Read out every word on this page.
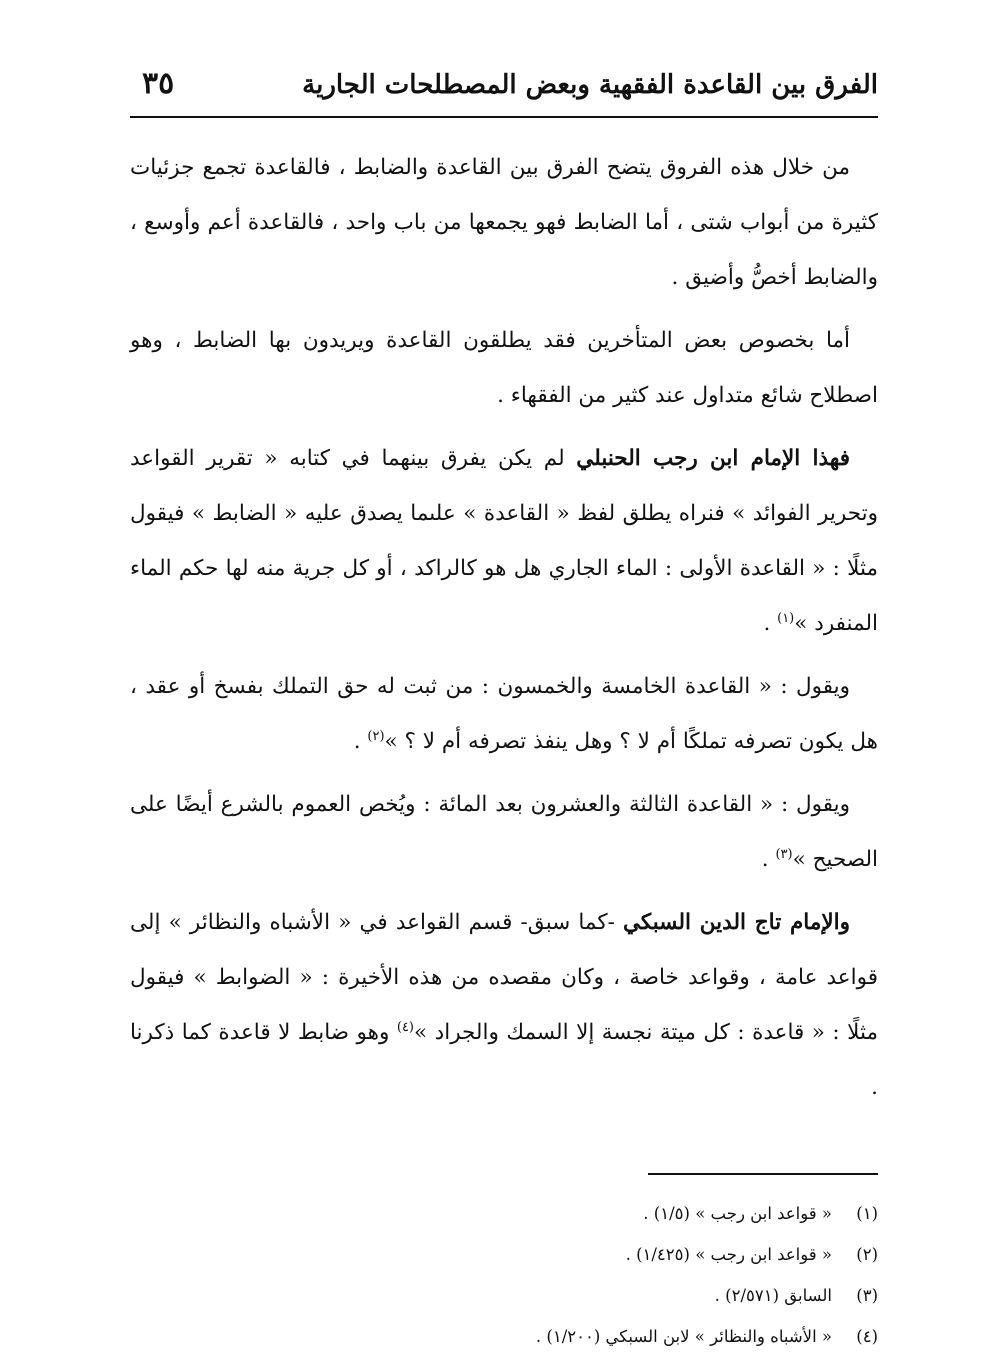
الفرق بين القاعدة الفقهية وبعض المصطلحات الجارية
٣٥

من خلال هذه الفروق يتضح الفرق بين القاعدة والضابط ، فالقاعدة تجمع جزئيات كثيرة من أبواب شتى ، أما الضابط فهو يجمعها من باب واحد ، فالقاعدة أعم وأوسع ، والضابط أخصُّ وأضيق .

أما بخصوص بعض المتأخرين فقد يطلقون القاعدة ويريدون بها الضابط ، وهو اصطلاح شائع متداول عند كثير من الفقهاء .

فهذا الإمام ابن رجب الحنبلي لم يكن يفرق بينهما في كتابه « تقرير القواعد وتحرير الفوائد » فنراه يطلق لفظ « القاعدة » علىما يصدق عليه « الضابط » فيقول مثلًا : « القاعدة الأولى : الماء الجاري هل هو كالراكد ، أو كل جرية منه لها حكم الماء المنفرد »$^{(١)}$ .

ويقول : « القاعدة الخامسة والخمسون : من ثبت له حق التملك بفسخ أو عقد ، هل يكون تصرفه تملكًا أم لا ؟ وهل ينفذ تصرفه أم لا ؟ »$^{(٢)}$ .

ويقول : « القاعدة الثالثة والعشرون بعد المائة : ويُخص العموم بالشرع أيضًا على الصحيح »$^{(٣)}$ .

والإمام تاج الدين السبكي -كما سبق- قسم القواعد في « الأشباه والنظائر » إلى قواعد عامة ، وقواعد خاصة ، وكان مقصده من هذه الأخيرة : « الضوابط » فيقول مثلًا : « قاعدة : كل ميتة نجسة إلا السمك والجراد »$^{(٤)}$ وهو ضابط لا قاعدة كما ذكرنا .

(١)« قواعد ابن رجب » (١/٥) .
(٢)« قواعد ابن رجب » (١/٤٢٥) .
(٣)السابق (٢/٥٧١) .
(٤)« الأشباه والنظائر » لابن السبكي (١/٢٠٠) .
